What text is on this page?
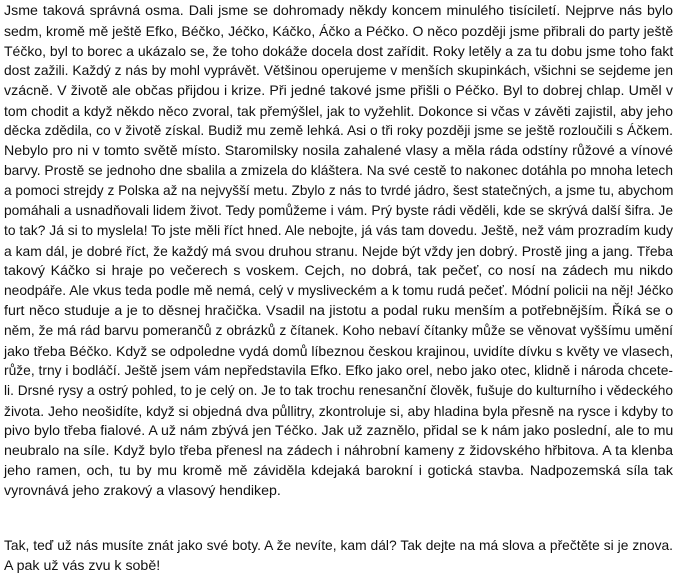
Jsme taková správná osma. Dali jsme se dohromady někdy koncem minulého tisíciletí. Nejprve nás bylo
sedm, kromě mě ještě Efko, Béčko, Jéčko, Káčko, Áčko a Péčko. O něco později jsme přibrali do party ještě
Téčko, byl to borec a ukázalo se, že toho dokáže docela dost zařídit. Roky letěly a za tu dobu jsme toho fakt
dost zažili. Každý z nás by mohl vyprávět. Většinou operujeme v menších skupinkách, všichni se sejdeme jen
vzácně. V životě ale občas přijdou i krize. Při jedné takové jsme přišli o Péčko. Byl to dobrej chlap. Uměl v
tom chodit a když někdo něco zvoral, tak přemýšlel, jak to vyžehlit. Dokonce si včas v závěti zajistil, aby jeho
děcka zdědila, co v životě získal. Budiž mu země lehká. Asi o tři roky později jsme se ještě rozloučili s Áčkem.
Nebylo pro ni v tomto světě místo. Staromilsky nosila zahalené vlasy a měla ráda odstíny růžové a vínové
barvy. Prostě se jednoho dne sbalila a zmizela do kláštera. Na své cestě to nakonec dotáhla po mnoha letech
a pomoci strejdy z Polska až na nejvyšší metu. Zbylo z nás to tvrdé jádro, šest statečných, a jsme tu, abychom
pomáhali a usnadňovali lidem život. Tedy pomůžeme i vám. Prý byste rádi věděli, kde se skrývá další šifra. Je
to tak? Já si to myslela! To jste měli říct hned. Ale nebojte, já vás tam dovedu. Ještě, než vám prozradím kudy
a kam dál, je dobré říct, že každý má svou druhou stranu. Nejde být vždy jen dobrý. Prostě jing a jang. Třeba
takový Káčko si hraje po večerech s voskem. Cejch, no dobrá, tak pečeť, co nosí na zádech mu nikdo
neodpáře. Ale vkus teda podle mě nemá, celý v mysliveckém a k tomu rudá pečeť. Módní policii na něj! Jéčko
furt něco studuje a je to děsnej hračička. Vsadil na jistotu a podal ruku menším a potřebnějším. Říká se o
něm, že má rád barvu pomerančů z obrázků z čítanek. Koho nebaví čítanky může se věnovat vyššímu umění
jako třeba Béčko. Když se odpoledne vydá domů líbeznou českou krajinou, uvidíte dívku s květy ve vlasech,
růže, trny i bodláčí. Ještě jsem vám nepředstavila Efko. Efko jako orel, nebo jako otec, klidně i národa chcete-
li. Drsné rysy a ostrý pohled, to je celý on. Je to tak trochu renesanční člověk, fušuje do kulturního i vědeckého
života. Jeho neošidíte, když si objedná dva půllitry, zkontroluje si, aby hladina byla přesně na rysce i kdyby to
pivo bylo třeba fialové. A už nám zbývá jen Téčko. Jak už zaznělo, přidal se k nám jako poslední, ale to mu
neubralo na síle. Když bylo třeba přenesl na zádech i náhrobní kameny z židovského hřbitova. A ta klenba
jeho ramen, och, tu by mu kromě mě záviděla kdejaká barokní i gotická stavba. Nadpozemská síla tak
vyrovnává jeho zrakový a vlasový hendikep.
Tak, teď už nás musíte znát jako své boty. A že nevíte, kam dál? Tak dejte na má slova a přečtěte si je znova.
A pak už vás zvu k sobě!
